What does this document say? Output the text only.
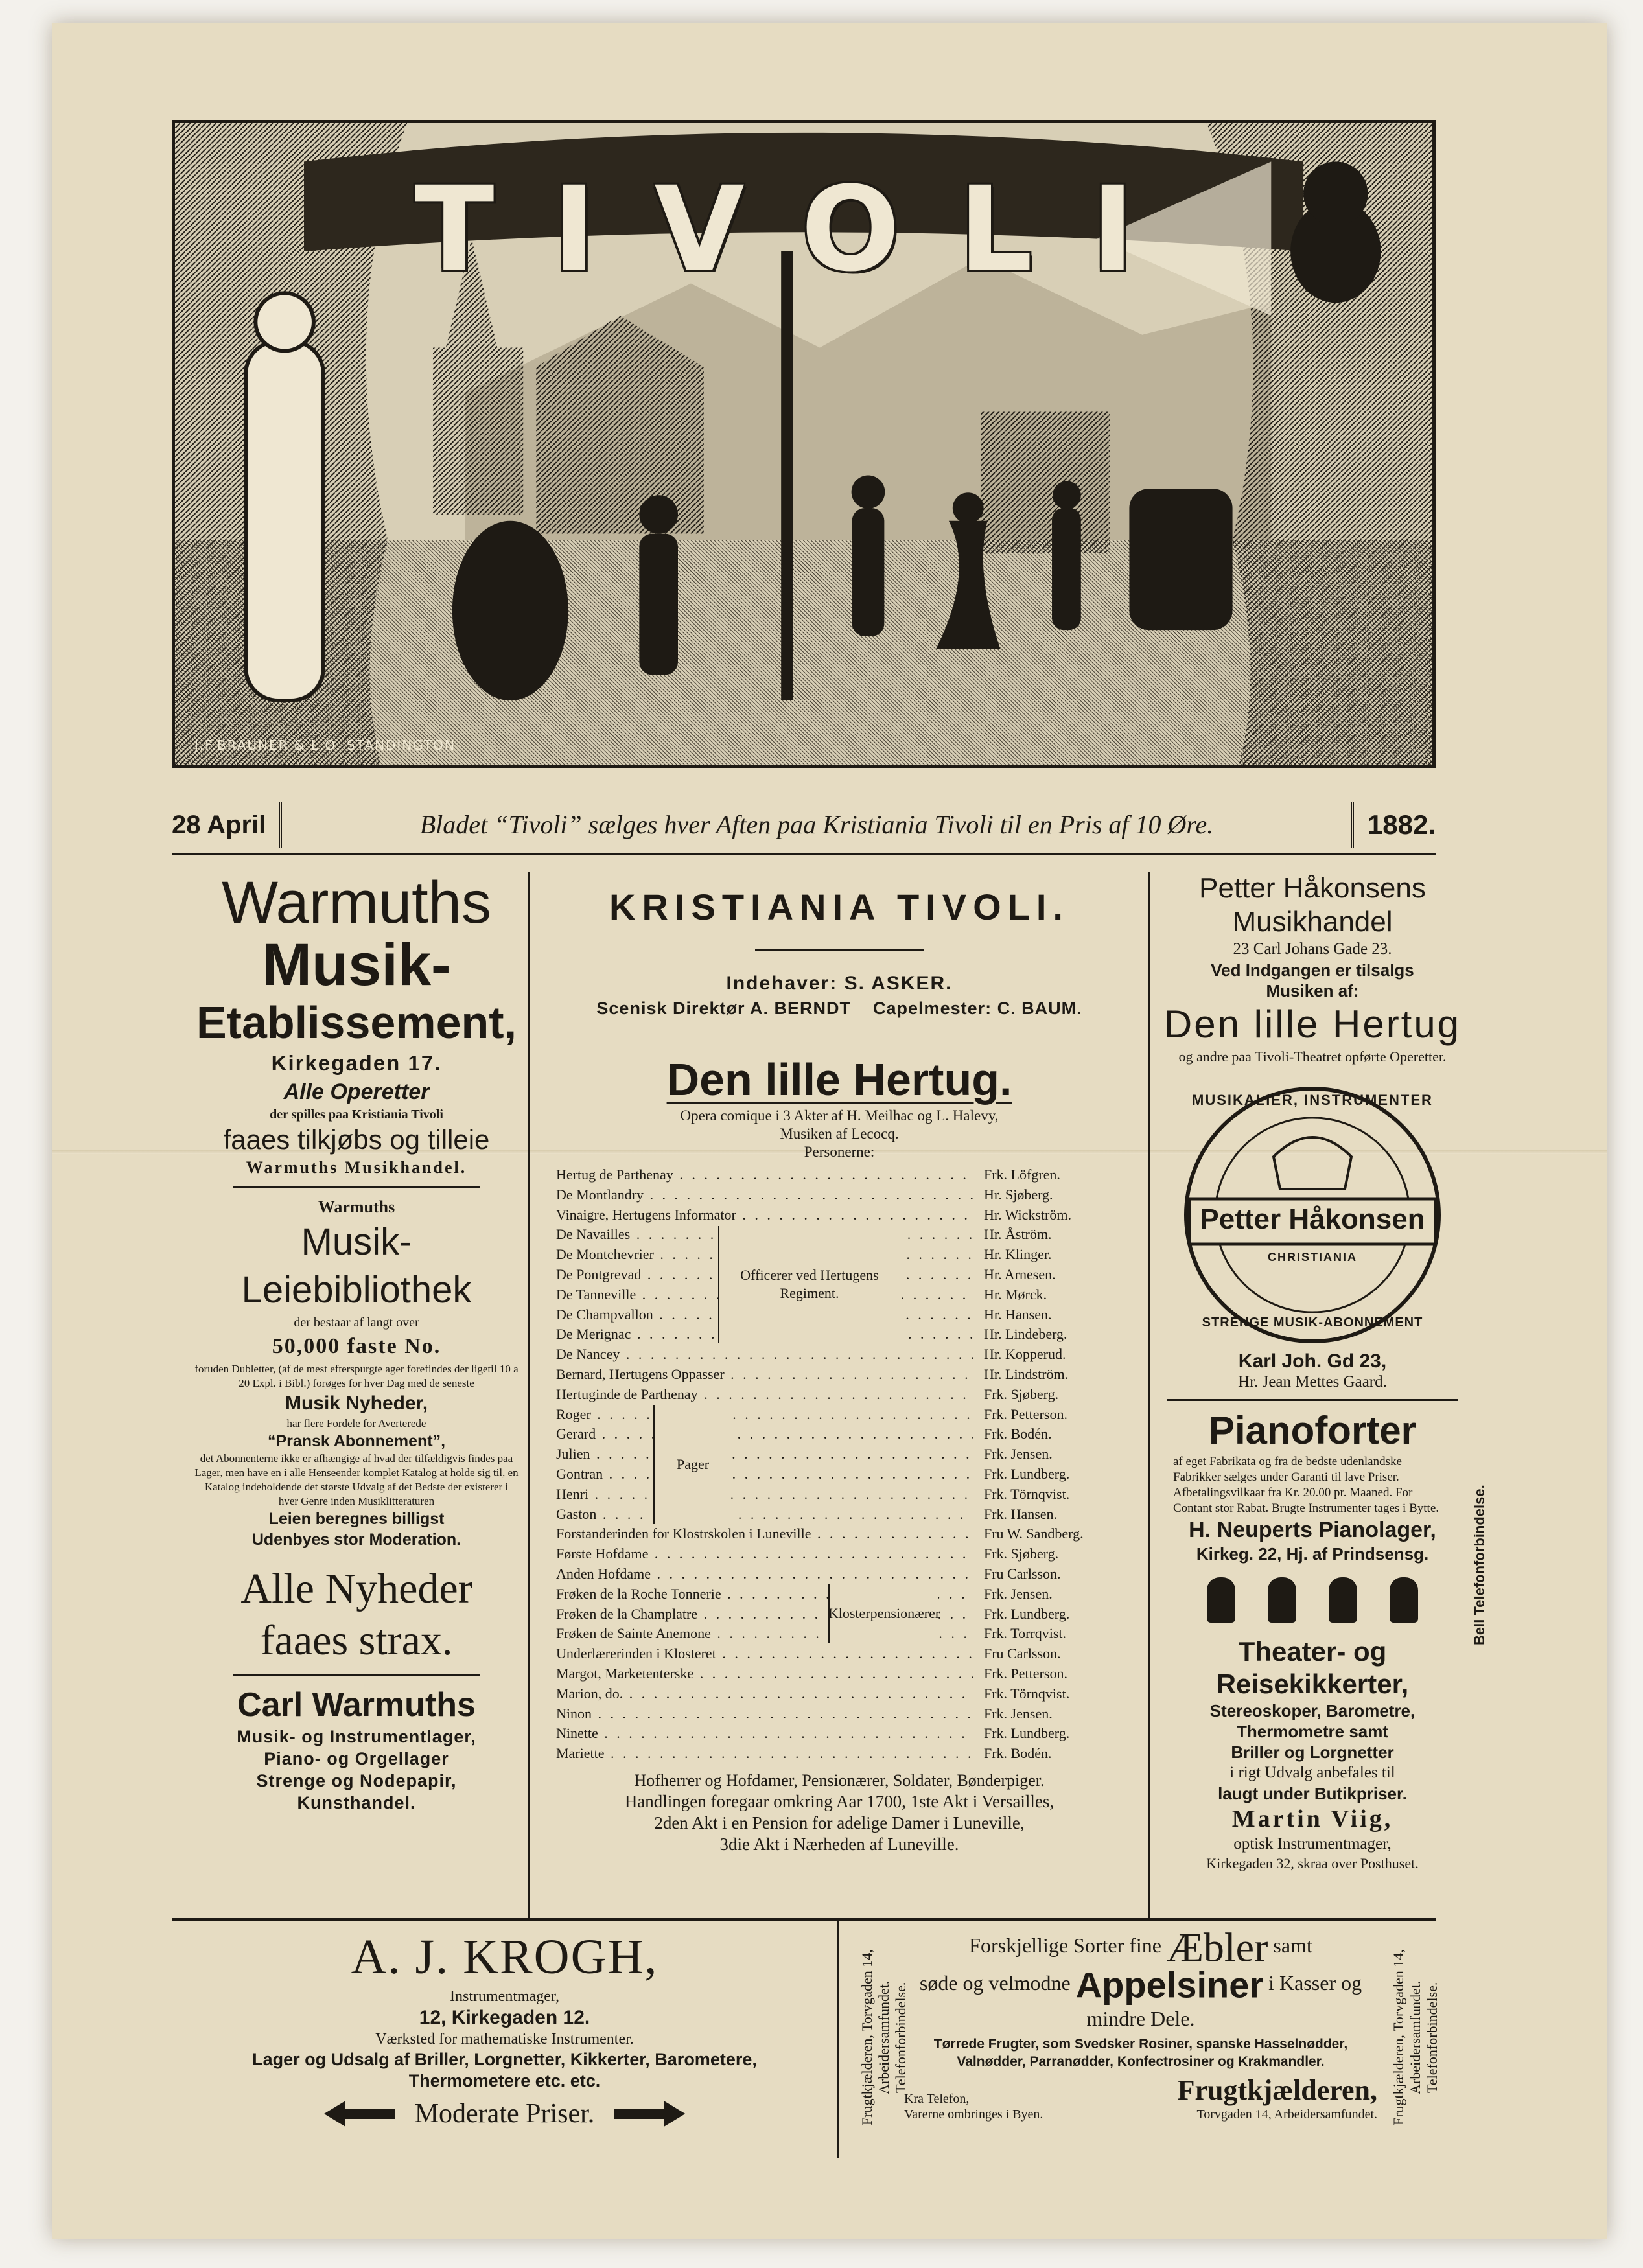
TIVOLI
J.F.BRAUNER & L.O. STANDINGTON
28 April	Bladet “Tivoli” sælges hver Aften paa Kristiania Tivoli til en Pris af 10 Øre.	1882.
Warmuths
Musik-
Etablissement,
Kirkegaden 17.
Alle Operetter
der spilles paa Kristiania Tivoli
faaes tilkjøbs og tilleie
Warmuths Musikhandel.
Warmuths
Musik-Leiebibliothek
der bestaar af langt over
50,000 faste No.
foruden Dubletter, (af de mest efterspurgte ager forefindes der ligetil 10 a 20 Expl. i Bibl.) forøges for hver Dag med de seneste
Musik Nyheder,
har flere Fordele for Averterede
“Pransk Abonnement”,
det Abonnenterne ikke er afhængige af hvad der tilfældigvis findes paa Lager, men have en i alle Henseender komplet Katalog at holde sig til, en Katalog indeholdende det største Udvalg af det Bedste der existerer i hver Genre inden Musiklitteraturen
Leien beregnes billigst
Udenbyes stor Moderation.
Alle Nyheder
faaes strax.
Carl Warmuths
Musik- og Instrumentlager,
Piano- og Orgellager
Strenge og Nodepapir,
Kunsthandel.
KRISTIANIA TIVOLI.
Indehaver: S. ASKER.
Scenisk Direktør A. BERNDT Capelmester: C. BAUM.
Den lille Hertug.
Opera comique i 3 Akter af H. Meilhac og L. Halevy,
Musiken af Lecocq.
Personerne:
Hertug de Parthenay . . .	Frk. Löfgren.
De Montlandry . . .	Hr. Sjøberg.
Vinaigre, Hertugens Informator . . .	Hr. Wickström.
De Navailles . . .	Hr. Åström.
De Montchevrier . . .	Hr. Klinger.
De Pontgrevad . . .	Hr. Arnesen.
De Tanneville . . .	Hr. Mørck.
De Champvallon . . .	Hr. Hansen.
De Merignac . . .	Hr. Lindeberg.
De Nancey . . .	Hr. Kopperud.
Bernard, Hertugens Oppasser . . .	Hr. Lindström.
Hertuginde de Parthenay . . .	Frk. Sjøberg.
Roger . . .	Frk. Petterson.
Gerard . . .	Frk. Bodén.
Julien . . .	Frk. Jensen.
Gontran . . .	Frk. Lundberg.
Henri . . .	Frk. Törnqvist.
Gaston . . .	Frk. Hansen.
Forstanderinden for Klostrskolen i Luneville . . .	Fru W. Sandberg.
Første Hofdame . . .	Frk. Sjøberg.
Anden Hofdame . . .	Fru Carlsson.
Frøken de la Roche Tonnerie . . .	Frk. Jensen.
Frøken de la Champlatre . . .	Frk. Lundberg.
Frøken de Sainte Anemone . . .	Frk. Torrqvist.
Underlærerinden i Klosteret . . .	Fru Carlsson.
Margot, Marketenterske . . .	Frk. Petterson.
Marion, do. . . .	Frk. Törnqvist.
Ninon . . .	Frk. Jensen.
Ninette . . .	Frk. Lundberg.
Mariette . . .	Frk. Bodén.
Officerer ved Hertugens Regiment.
Pager
Klosterpensionærer
Hofherrer og Hofdamer, Pensionærer, Soldater, Bønderpiger.
Handlingen foregaar omkring Aar 1700, 1ste Akt i Versailles,
2den Akt i en Pension for adelige Damer i Luneville,
3die Akt i Nærheden af Luneville.
Petter Håkonsens Musikhandel
23 Carl Johans Gade 23.
Ved Indgangen er tilsalgs
Musiken af:
Den lille Hertug
og andre paa Tivoli-Theatret opførte Operetter.
MUSIKALIER, INSTRUMENTER
Petter Håkonsen
CHRISTIANIA
STRENGE MUSIK-ABONNEMENT
Karl Joh. Gd 23,
Hr. Jean Mettes Gaard.
Pianoforter
af eget Fabrikata og fra de bedste udenlandske Fabrikker sælges under Garanti til lave Priser. Afbetalingsvilkaar fra Kr. 20.00 pr. Maaned. For Contant stor Rabat. Brugte Instrumenter tages i Bytte.
H. Neuperts Pianolager,
Kirkeg. 22, Hj. af Prindsensg.	Bell Telefonforbindelse.
Theater- og
Reisekikkerter,
Stereoskoper, Barometre, Thermometre samt
Briller og Lorgnetter
i rigt Udvalg anbefales til
laugt under Butikpriser.
Martin Viig,
optisk Instrumentmager,
Kirkegaden 32, skraa over Posthuset.
A. J. KROGH,
Instrumentmager,
12, Kirkegaden 12.
Værksted for mathematiske Instrumenter.
Lager og Udsalg af Briller, Lorgnetter, Kikkerter, Barometere,
Thermometere etc. etc.
Moderate Priser.	Frugtkjælderen, Torvgaden 14, Arbeidersamfundet. Telefonforbindelse.
Forskjellige Sorter fine Æbler samt
søde og velmodne Appelsiner i Kasser og mindre Dele.
Tørrede Frugter, som Svedsker Rosiner, spanske Hasselnødder, Valnødder, Parranødder, Konfectrosiner og Krakmandler.
Kra Telefon,
Varerne ombringes i Byen.
Frugtkjælderen,
Torvgaden 14, Arbeidersamfundet. Frugtkjælderen, Torvgaden 14, Arbeidersamfundet. Telefonforbindelse.
